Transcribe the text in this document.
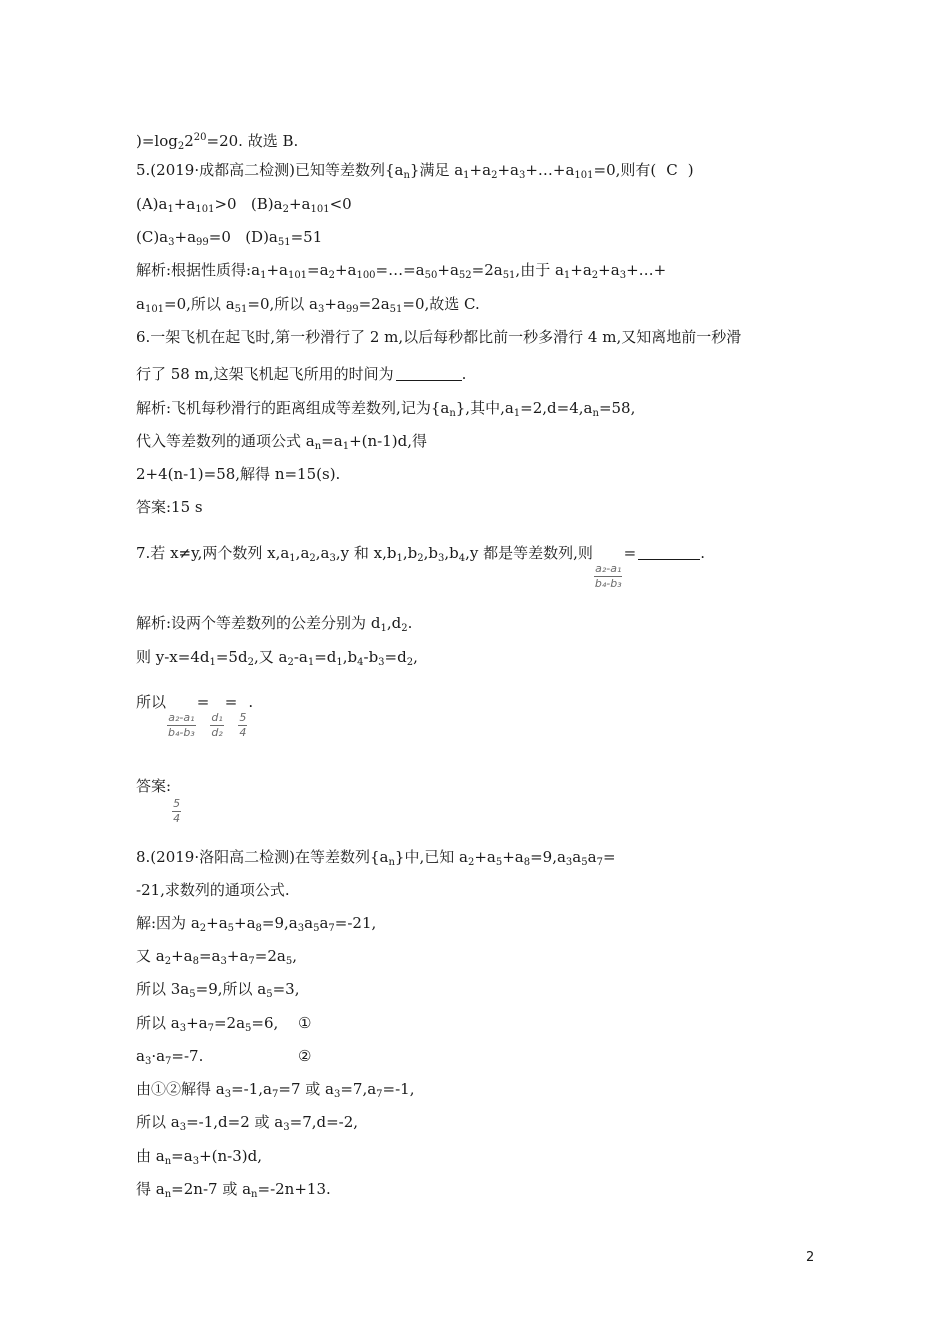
)$=\log_22^{20}=20$. 故选 B.
5.(2019·成都高二检测)已知等差数列$\{a_n\}$满足 $a_1+a_2+a_3+\dots+a_{101}=0$,则有( C )
$(A)a_1+a_{101}>0$ $(B)a_2+a_{101}<0$
$(C)a_3+a_{99}=0$ $(D)a_{51}=51$
解析:根据性质得$:a_1+a_{101}=a_2+a_{100}=\dots=a_{50}+a_{52}=2a_{51}$,由于 $a_1+a_2+a_3+\dots+$
$a_{101}=0$,所以 $a_{51}=0$,所以 $a_3+a_{99}=2a_{51}=0$,故选 C.
6.一架飞机在起飞时,第一秒滑行了 2 m,以后每秒都比前一秒多滑行 4 m,又知离地前一秒滑
行了 58 m,这架飞机起飞所用的时间为	.
解析:飞机每秒滑行的距离组成等差数列,记为$\{a_n\}$,其中$,a_1=2,d=4,a_n=58$,
代入等差数列的通项公式 $a_n=a_1+(n-1)d$,得
2+4(n-1)=58,解得 n=15(s).
答案:15 s
7.若 x≠y,两个数列 $x,a_1,a_2,a_3,y$ 和 $x,b_1,b_2,b_3,b_4,y$ 都是等差数列,则
$\frac{\text{a₂-a₁}}{\text{b₄-b₃}}$
=	.
解析:设两个等差数列的公差分别为 $d_1,d_2$.
则 $y-x=4d_1=5d_2$,又 $a_2-a_1=d_1,b_4-b_3=d_2$,
所以
$\frac{\text{a₂-a₁}}{\text{b₄-b₃}}$
=
$\frac{\text{d₁}}{\text{d₂}}$
=
$\frac{5}{4}$
.
答案:
$\frac{5}{4}$
8.(2019·洛阳高二检测)在等差数列$\{a_n\}$中,已知 $a_2+a_5+a_8=9,a_3a_5a_7=$
-21,求数列的通项公式.
解:因为 $a_2+a_5+a_8=9,a_3a_5a_7=-21$,
又 $a_2+a_8=a_3+a_7=2a_5$,
所以 $3a_5=9$,所以 $a_5=3$,
所以 $a_3+a_7=2a_5=6$, ①
$a_3\cdot a_7=-7$.	②
由①②解得 $a_3=-1,a_7=7$ 或 $a_3=7,a_7=-1$,
所以 $a_3=-1,d=2$ 或 $a_3=7,d=-2$,
由 $a_n=a_3+(n-3)d$,
得 $a_n=2n-7$ 或 $a_n=-2n+13$.
2
